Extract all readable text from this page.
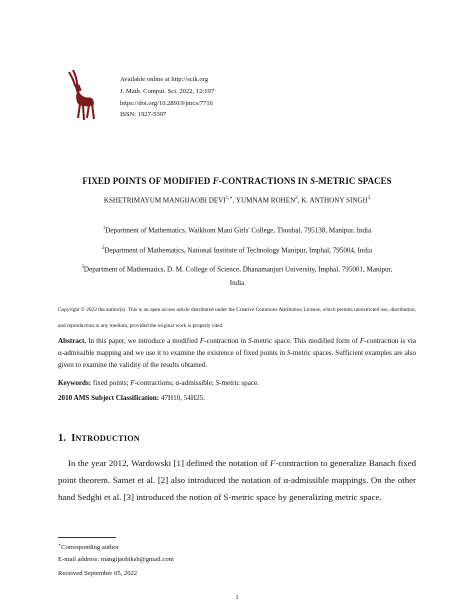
Available online at http://scik.org
J. Math. Comput. Sci. 2022, 12:197
https://doi.org/10.28919/jmcs/7716
ISSN: 1927-5307
FIXED POINTS OF MODIFIED F-CONTRACTIONS IN S-METRIC SPACES
KSHETRIMAYUM MANGIJAOBI $DEVI^{1,∗}$, YUMNAM ROHEN$^2$, K. ANTHONY SINGH$^3$
$^1$Department of Mathematics, Waikhom Mani Girls' College, Thoubal, 795138, Manipur, India
$^2$Department of Mathematics, National Institute of Technology Manipur, Imphal, 795004, India
$^3$Department of Mathematics, D. M. College of Science, Dhanamanjuri University, Imphal, 795001, Manipur,
India
Copyright © 2022 the author(s). This is an open access article distributed under the Creative Commons Attribution License, which permits unrestricted use, distribution, and reproduction in any medium, provided the original work is properly cited.
Abstract. In this paper, we introduce a modified F-contraction in S-metric space. This modified form of F-contraction is via α-admissible mapping and we use it to examine the existence of fixed points in S-metric spaces. Sufficient examples are also given to examine the validity of the results obtained.
Keywords: fixed points; F-contractions; α-admissible; S-metric space.
2010 AMS Subject Classification: 47H10, 54H25.
1. INTRODUCTION
In the year 2012, Wardowski [1] defined the notation of F-contraction to generalize Banach fixed point theorem. Samet et al. [2] also introduced the notation of α-admissible mappings. On the other hand Sedghi et al. [3] introduced the notion of S-metric space by generalizing metric space.
∗Corresponding author
E-mail address: mangijaobiksh@gmail.com
Received September 05, 2022
1
